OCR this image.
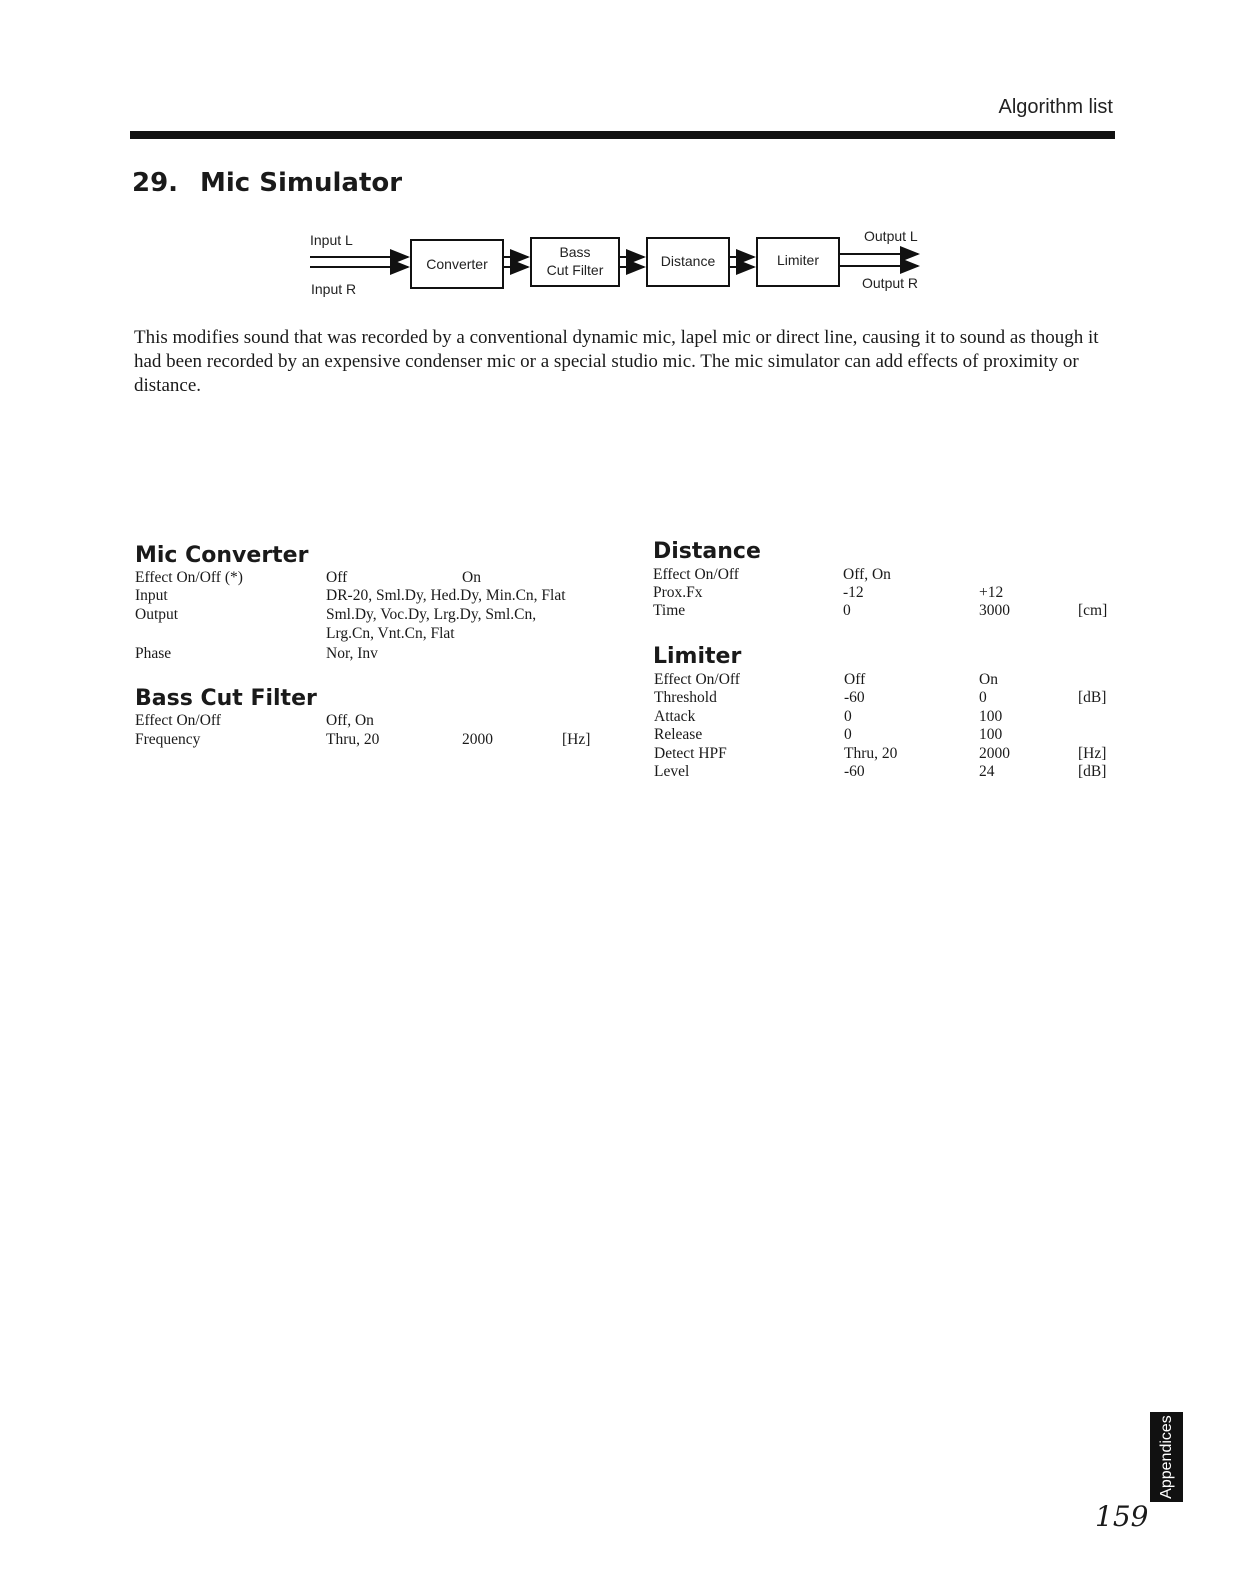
Algorithm list
29. Mic Simulator
Converter
Bass
Cut Filter
Distance	Limiter
Input L
Input R
Output L
Output R
This modifies sound that was recorded by a conventional dynamic mic, lapel mic or direct line, causing it to sound as though it had been recorded by an expensive condenser mic or a special studio mic. The mic simulator can add effects of proximity or distance.
Mic Converter
Effect On/Off (*)	Off	On
Input	DR-20, Sml.Dy, Hed.Dy, Min.Cn, Flat
Output	Sml.Dy, Voc.Dy, Lrg.Dy, Sml.Cn,
Lrg.Cn, Vnt.Cn, Flat
Phase	Nor, Inv
Bass Cut Filter
Effect On/Off	Off, On
Frequency	Thru, 20	2000	[Hz]
Distance
Effect On/Off	Off, On
Prox.Fx	-12	+12
Time	0	3000	[cm]
Limiter
Effect On/Off	Off	On
Threshold	-60	0	[dB]
Attack	0	100
Release	0	100
Detect HPF	Thru, 20	2000	[Hz]
Level	-60	24	[dB]
Appendices
159
